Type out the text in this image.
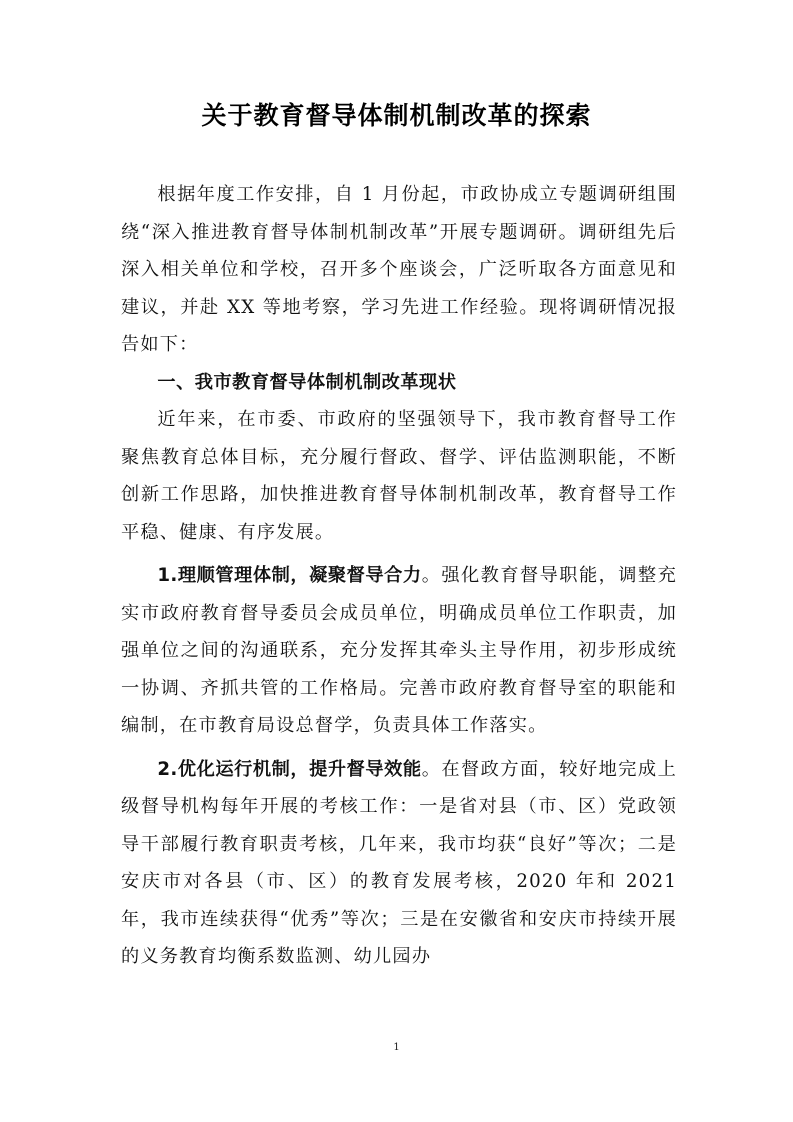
关于教育督导体制机制改革的探索

根据年度工作安排，自 1 月份起，市政协成立专题调研组围绕“深入推进教育督导体制机制改革”开展专题调研。调研组先后深入相关单位和学校，召开多个座谈会，广泛听取各方面意见和建议，并赴 XX 等地考察，学习先进工作经验。现将调研情况报告如下：

一、我市教育督导体制机制改革现状

近年来，在市委、市政府的坚强领导下，我市教育督导工作聚焦教育总体目标，充分履行督政、督学、评估监测职能，不断创新工作思路，加快推进教育督导体制机制改革，教育督导工作平稳、健康、有序发展。

1.理顺管理体制，凝聚督导合力。强化教育督导职能，调整充实市政府教育督导委员会成员单位，明确成员单位工作职责，加强单位之间的沟通联系，充分发挥其牵头主导作用，初步形成统一协调、齐抓共管的工作格局。完善市政府教育督导室的职能和编制，在市教育局设总督学，负责具体工作落实。

2.优化运行机制，提升督导效能。在督政方面，较好地完成上级督导机构每年开展的考核工作：一是省对县（市、区）党政领导干部履行教育职责考核，几年来，我市均获“良好”等次；二是安庆市对各县（市、区）的教育发展考核，2020 年和 2021 年，我市连续获得“优秀”等次；三是在安徽省和安庆市持续开展的义务教育均衡系数监测、幼儿园办

1
